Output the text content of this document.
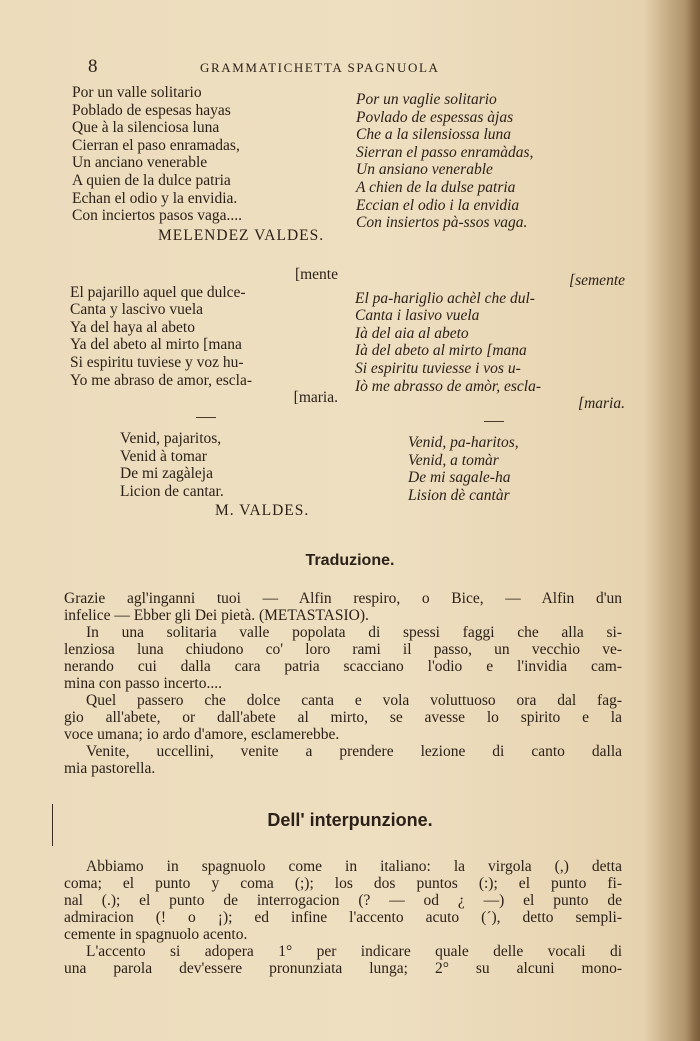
8	GRAMMATICHETTA SPAGNUOLA
Por un valle solitario
Poblado de espesas hayas
Que à la silenciosa luna
Cierran el paso enramadas,
Un anciano venerable
A quien de la dulce patria
Echan el odio y la envidia.
Con inciertos pasos vaga....
MELENDEZ VALDES.
Por un vaglie solitario
Povlado de espessas àjas
Che a la silensiossa luna
Sierran el passo enramàdas,
Un ansiano venerable
A chien de la dulse patria
Eccian el odio i la envidia
Con insiertos pà-ssos vaga.
[mente
El pajarillo aquel que dulce-
Canta y lascivo vuela
Ya del haya al abeto
Ya del abeto al mirto [mana
Si espiritu tuviese y voz hu-
Yo me abraso de amor, escla-
[maria.
[semente
El pa-hariglio achèl che dul-
Canta i lasivo vuela
Ià del aia al abeto
Ià del abeto al mirto [mana
Si espiritu tuviesse i vos u-
Iò me abrasso de amòr, escla-
[maria.
Venid, pajaritos,
Venid à tomar
De mi zagàleja
Licion de cantar.
M. VALDES.
Venid, pa-haritos,
Venid, a tomàr
De mi sagale-ha
Lision dè cantàr
Traduzione.
Grazie agl'inganni tuoi — Alfin respiro, o Bice, — Alfin d'un
infelice — Ebber gli Dei pietà. (METASTASIO).
In una solitaria valle popolata di spessi faggi che alla si-
lenziosa luna chiudono co' loro rami il passo, un vecchio ve-
nerando cui dalla cara patria scacciano l'odio e l'invidia cam-
mina con passo incerto....
Quel passero che dolce canta e vola voluttuoso ora dal fag-
gio all'abete, or dall'abete al mirto, se avesse lo spirito e la
voce umana; io ardo d'amore, esclamerebbe.
Venite, uccellini, venite a prendere lezione di canto dalla
mia pastorella.
Dell' interpunzione.
Abbiamo in spagnuolo come in italiano: la virgola (,) detta
coma; el punto y coma (;); los dos puntos (:); el punto fi-
nal (.); el punto de interrogacion (? — od ¿ —) el punto de
admiracion (! o ¡); ed infine l'accento acuto (´), detto sempli-
cemente in spagnuolo acento.
L'accento si adopera 1° per indicare quale delle vocali di
una parola dev'essere pronunziata lunga; 2° su alcuni mono-
